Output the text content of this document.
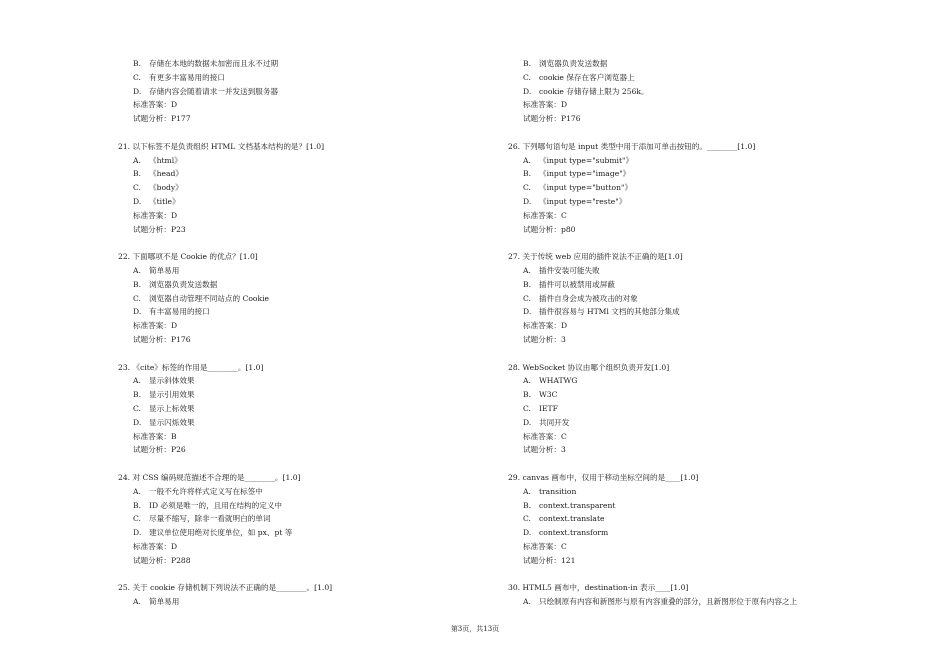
B. 存储在本地的数据未加密而且永不过期
C. 有更多丰富易用的接口
D. 存储内容会随着请求一并发送到服务器
标准答案：D
试题分析：P177
21. 以下标签不是负责组织 HTML 文档基本结构的是？[1.0]
A. 《html》
B. 《head》
C. 《body》
D. 《title》
标准答案：D
试题分析：P23
22. 下面哪项不是 Cookie 的优点？[1.0]
A. 简单易用
B. 浏览器负责发送数据
C. 浏览器自动管理不同站点的 Cookie
D. 有丰富易用的接口
标准答案：D
试题分析：P176
23. 《cite》标签的作用是________。[1.0]
A. 显示斜体效果
B. 显示引用效果
C. 显示上标效果
D. 显示闪烁效果
标准答案：B
试题分析：P26
24. 对 CSS 编码规范描述不合理的是________。[1.0]
A. 一般不允许将样式定义写在标签中
B. ID 必须是唯一的，且用在结构的定义中
C. 尽量不缩写，除非一看就明白的单词
D. 建议单位使用绝对长度单位，如 px、pt 等
标准答案：D
试题分析：P288
25. 关于 cookie 存储机制下列说法不正确的是________。[1.0]
A. 简单易用
B. 浏览器负责发送数据
C. cookie 保存在客户浏览器上
D. cookie 存储存储上限为 256k。
标准答案：D
试题分析：P176
26. 下列哪句语句是 input 类型中用于添加可单击按钮的。________[1.0]
A. 《input type="submit"》
B. 《input type="image"》
C. 《input type="button"》
D. 《input type="reste"》
标准答案：C
试题分析：p80
27. 关于传统 web 应用的插件说法不正确的是[1.0]
A. 插件安装可能失败
B. 插件可以被禁用或屏蔽
C. 插件自身会成为被攻击的对象
D. 插件很容易与 HTMl 文档的其他部分集成
标准答案：D
试题分析：3
28. WebSocket 协议由哪个组织负责开发[1.0]
A. WHATWG
B. W3C
C. IETF
D. 共同开发
标准答案：C
试题分析：3
29. canvas 画布中，仅用于移动坐标空间的是____[1.0]
A. transition
B. context.transparent
C. context.translate
D. context.transform
标准答案：C
试题分析：121
30. HTML5 画布中，destination-in 表示____[1.0]
A. 只绘制原有内容和新图形与原有内容重叠的部分，且新图形位于原有内容之上
第3页，共13页
